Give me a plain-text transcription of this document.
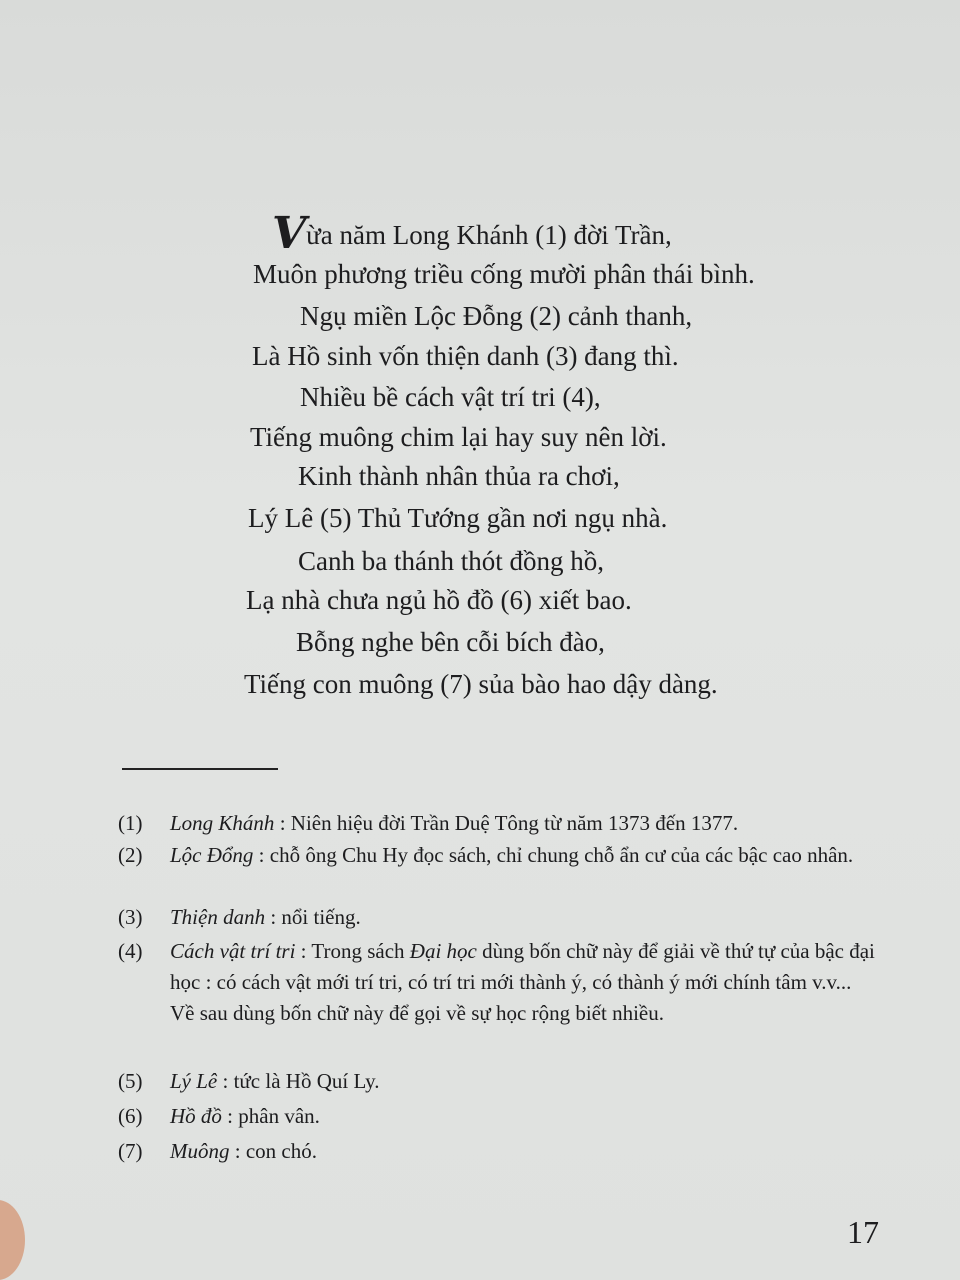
Vừa năm Long Khánh (1) đời Trần,
Muôn phương triều cống mười phân thái bình.
Ngụ miền Lộc Đỗng (2) cảnh thanh,
Là Hồ sinh vốn thiện danh (3) đang thì.
Nhiều bề cách vật trí tri (4),
Tiếng muông chim lại hay suy nên lời.
Kinh thành nhân thủa ra chơi,
Lý Lê (5) Thủ Tướng gần nơi ngụ nhà.
Canh ba thánh thót đồng hồ,
Lạ nhà chưa ngủ hồ đồ (6) xiết bao.
Bỗng nghe bên cỗi bích đào,
Tiếng con muông (7) sủa bào hao dậy dàng.
(1)	Long Khánh : Niên hiệu đời Trần Duệ Tông từ năm 1373 đến 1377.
(2)	Lộc Đổng : chỗ ông Chu Hy đọc sách, chỉ chung chỗ ẩn cư của các bậc cao nhân.
(3)	Thiện danh : nổi tiếng.
(4)	Cách vật trí tri : Trong sách Đại học dùng bốn chữ này để giải về thứ tự của bậc đại học : có cách vật mới trí tri, có trí tri mới thành ý, có thành ý mới chính tâm v.v... Về sau dùng bốn chữ này để gọi về sự học rộng biết nhiều.
(5)	Lý Lê : tức là Hồ Quí Ly.
(6)	Hồ đồ : phân vân.
(7)	Muông : con chó.
17
